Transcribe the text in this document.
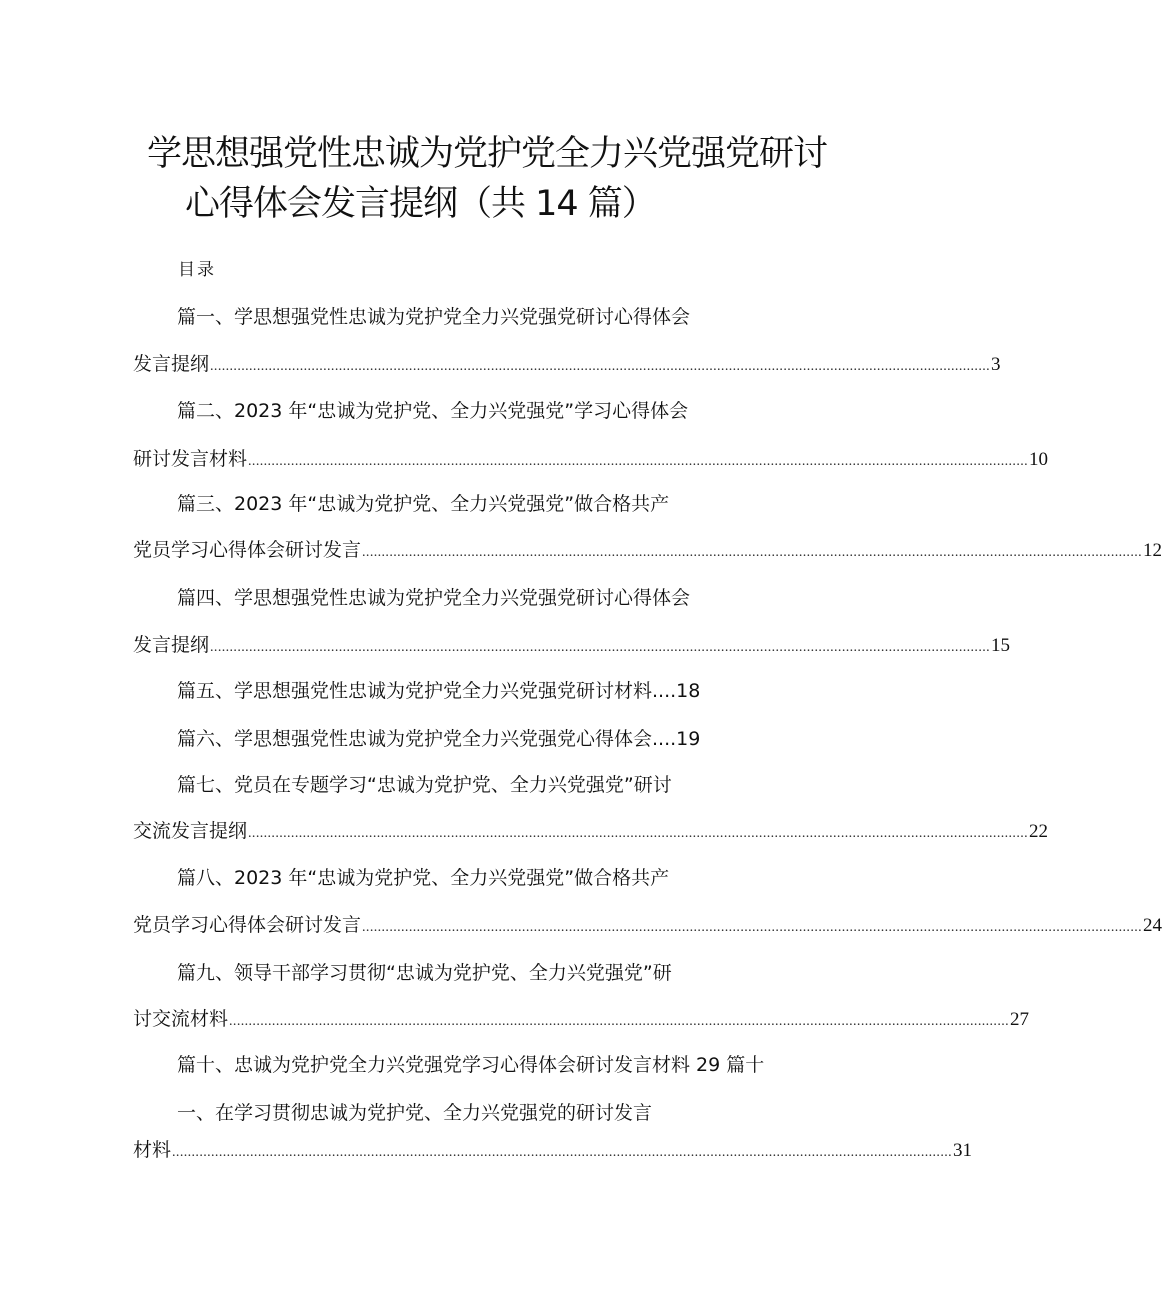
学思想强党性忠诚为党护党全力兴党强党研讨
心得体会发言提纲（共 14 篇）
目录
篇一、学思想强党性忠诚为党护党全力兴党强党研讨心得体会
发言提纲 ........................................................................................................................................................................................................ 3
篇二、2023 年“忠诚为党护党、全力兴党强党”学习心得体会
研讨发言材料 ........................................................................................................................................................................................................ 10
篇三、2023 年“忠诚为党护党、全力兴党强党”做合格共产
党员学习心得体会研讨发言 ........................................................................................................................................................................................................ 12
篇四、学思想强党性忠诚为党护党全力兴党强党研讨心得体会
发言提纲 ........................................................................................................................................................................................................ 15
篇五、学思想强党性忠诚为党护党全力兴党强党研讨材料....18
篇六、学思想强党性忠诚为党护党全力兴党强党心得体会....19
篇七、党员在专题学习“忠诚为党护党、全力兴党强党”研讨
交流发言提纲 ........................................................................................................................................................................................................ 22
篇八、2023 年“忠诚为党护党、全力兴党强党”做合格共产
党员学习心得体会研讨发言 ........................................................................................................................................................................................................ 24
篇九、领导干部学习贯彻“忠诚为党护党、全力兴党强党”研
讨交流材料 ........................................................................................................................................................................................................ 27
篇十、忠诚为党护党全力兴党强党学习心得体会研讨发言材料 29 篇十
一、在学习贯彻忠诚为党护党、全力兴党强党的研讨发言
材料 ........................................................................................................................................................................................................ 31
